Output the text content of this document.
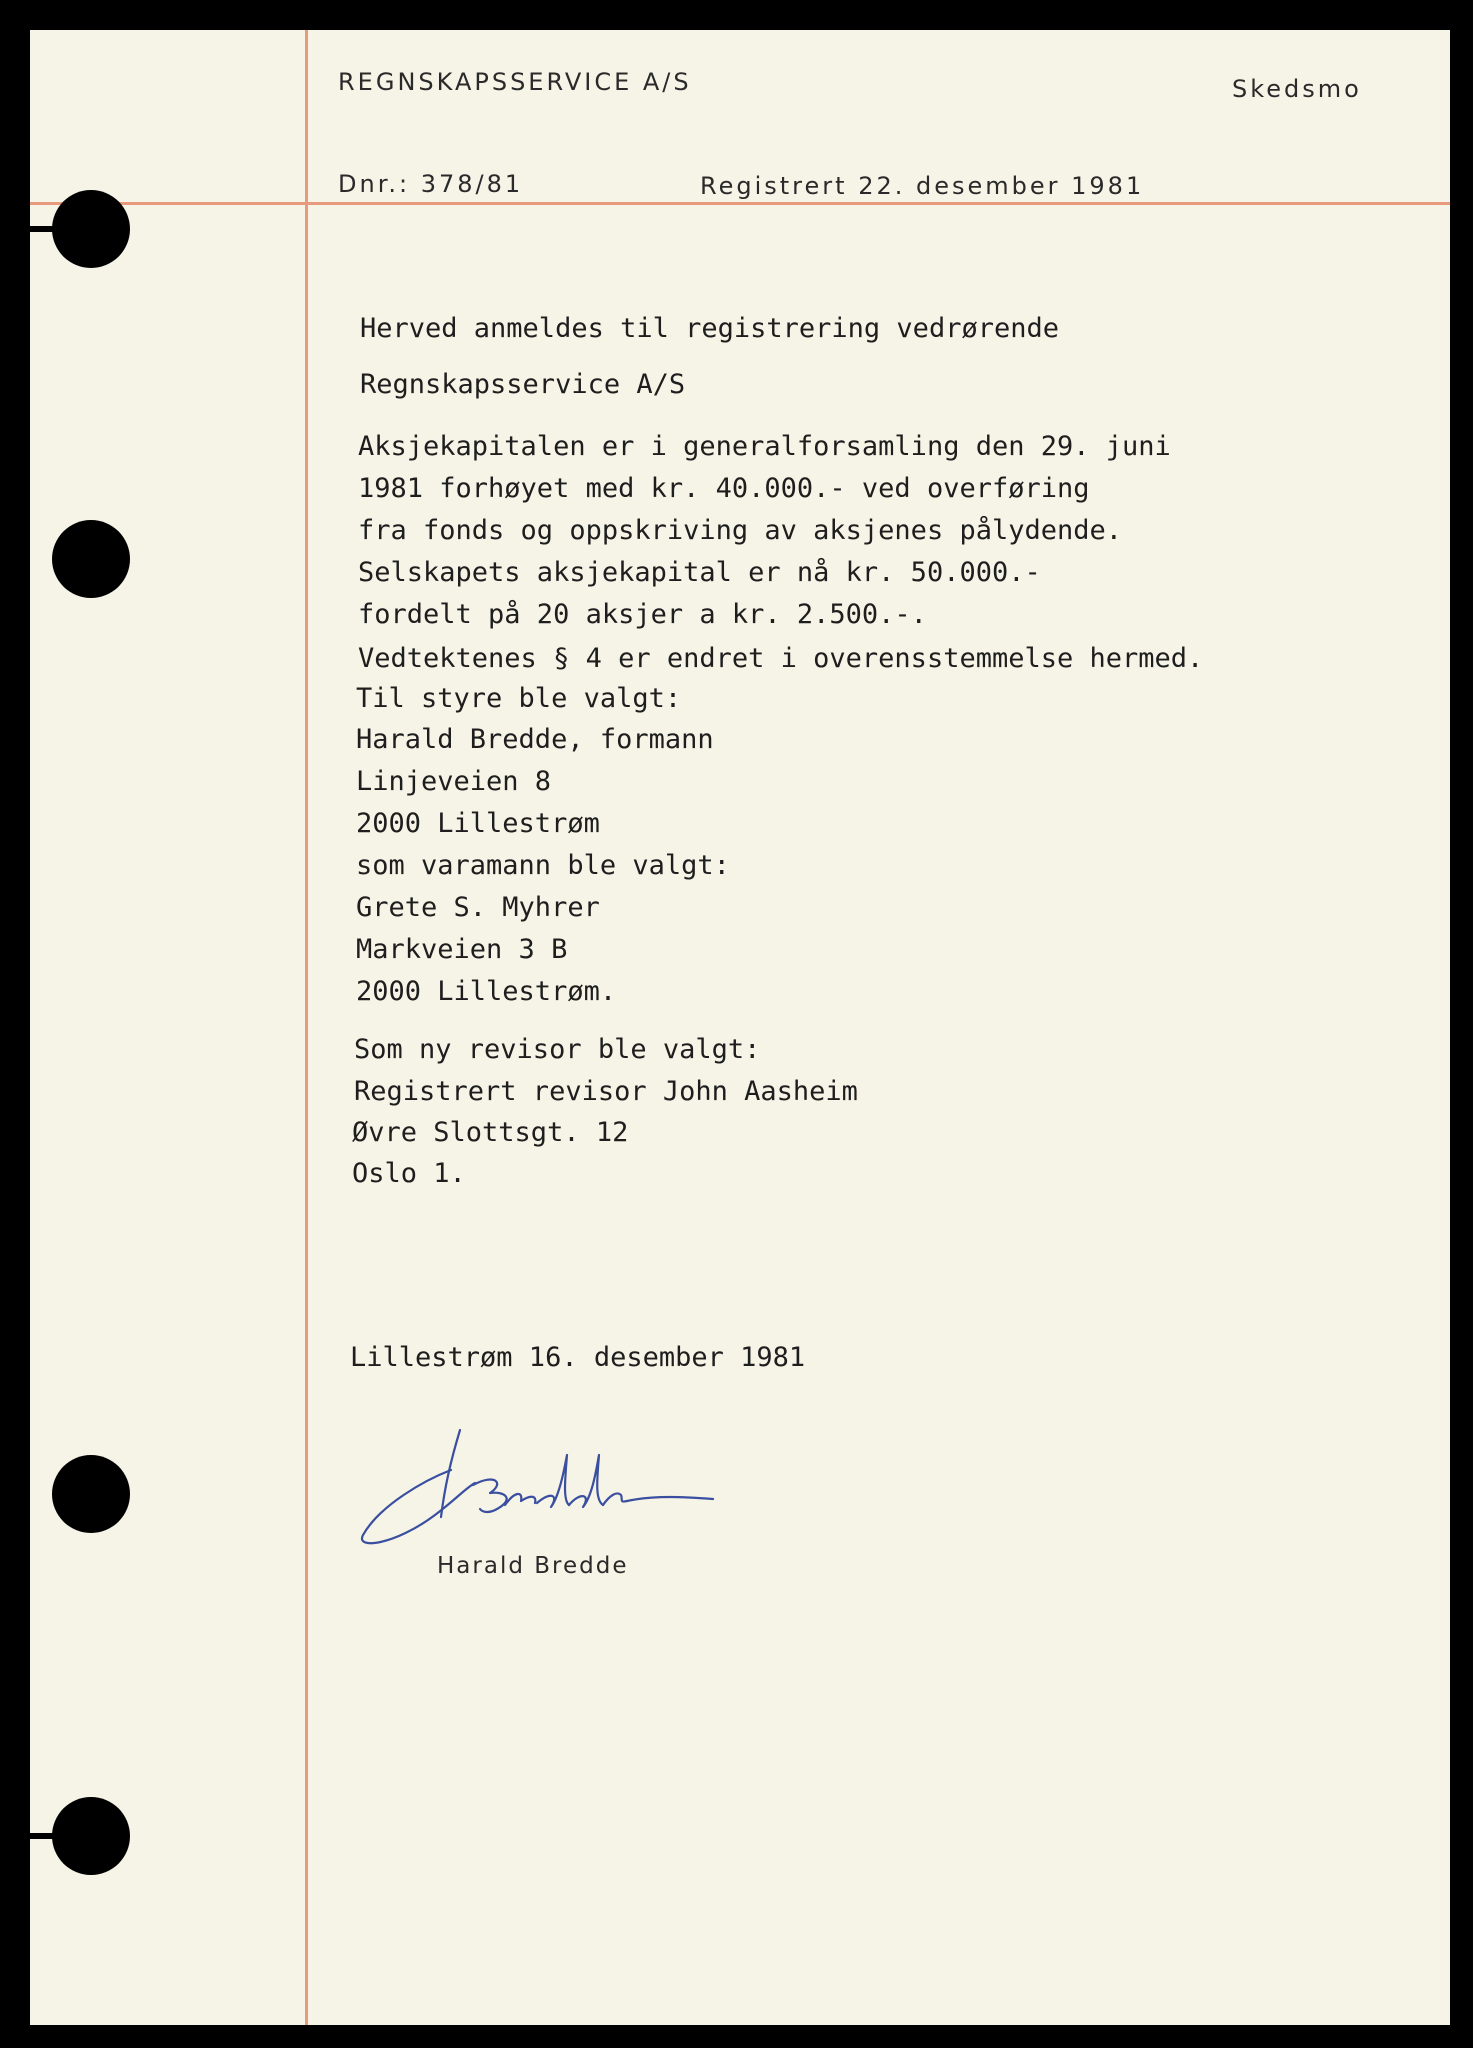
REGNSKAPSSERVICE A/S	Skedsmo
Dnr.: 378/81	Registrert 22. desember 1981
Herved anmeldes til registrering vedrørende
Regnskapsservice A/S
Aksjekapitalen er i generalforsamling den 29. juni
1981 forhøyet med kr. 40.000.- ved overføring
fra fonds og oppskriving av aksjenes pålydende.
Selskapets aksjekapital er nå kr. 50.000.-
fordelt på 20 aksjer a kr. 2.500.-.
Vedtektenes § 4 er endret i overensstemmelse hermed.
Til styre ble valgt:
Harald Bredde, formann
Linjeveien 8
2000 Lillestrøm
som varamann ble valgt:
Grete S. Myhrer
Markveien 3 B
2000 Lillestrøm.
Som ny revisor ble valgt:
Registrert revisor John Aasheim
Øvre Slottsgt. 12
Oslo 1.
Lillestrøm 16. desember 1981
Harald Bredde
